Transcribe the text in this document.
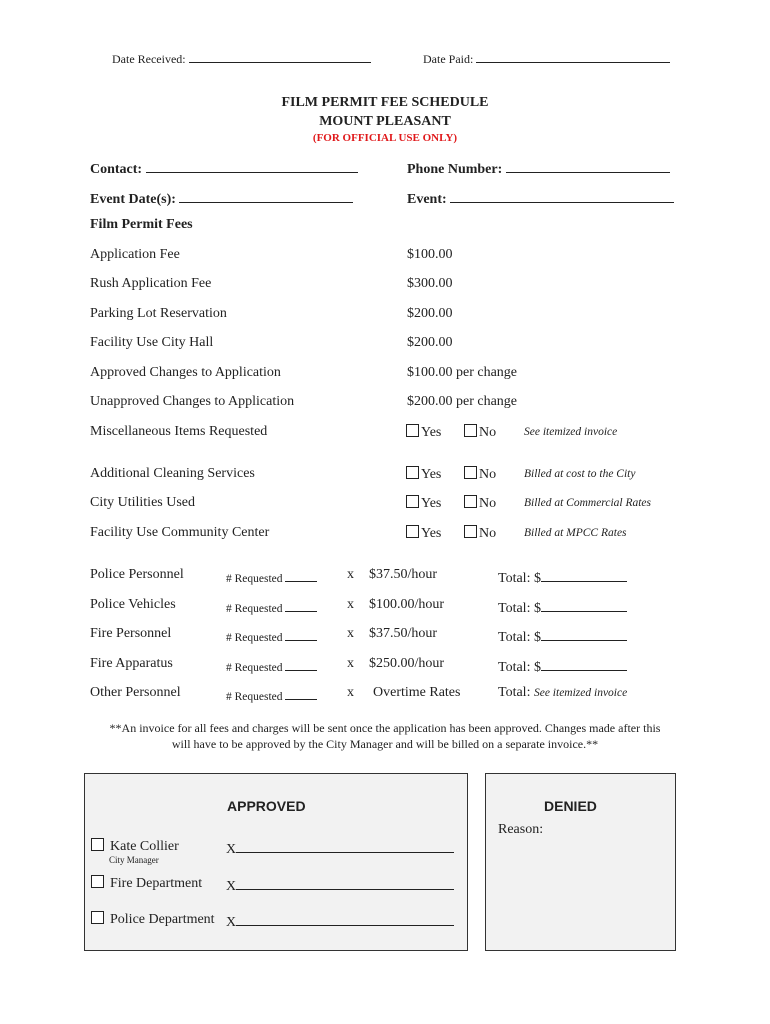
Date Received:	Date Paid:
FILM PERMIT FEE SCHEDULE
MOUNT PLEASANT
(FOR OFFICIAL USE ONLY)
Contact:	Phone Number:
Event Date(s):	Event:
Film Permit Fees
Application Fee	$100.00
Rush Application Fee	$300.00
Parking Lot Reservation	$200.00
Facility Use City Hall	$200.00
Approved Changes to Application	$100.00 per change
Unapproved Changes to Application	$200.00 per change
Miscellaneous Items Requested	Yes	No See itemized invoice
Additional Cleaning Services	Yes	No Billed at cost to the City
City Utilities Used	Yes	No Billed at Commercial Rates
Facility Use Community Center	Yes	No Billed at MPCC Rates
Police Personnel	# Requested	x $37.50/hour	Total: $
Police Vehicles	# Requested	x $100.00/hour	Total: $
Fire Personnel	# Requested	x $37.50/hour	Total: $
Fire Apparatus	# Requested	x $250.00/hour	Total: $
Other Personnel	# Requested	x Overtime Rates	Total: See itemized invoice
**An invoice for all fees and charges will be sent once the application has been approved. Changes made after this
will have to be approved by the City Manager and will be billed on a separate invoice.**
APPROVED
Kate Collier
City Manager
X
Fire Department X
Police Department X
DENIED
Reason:
